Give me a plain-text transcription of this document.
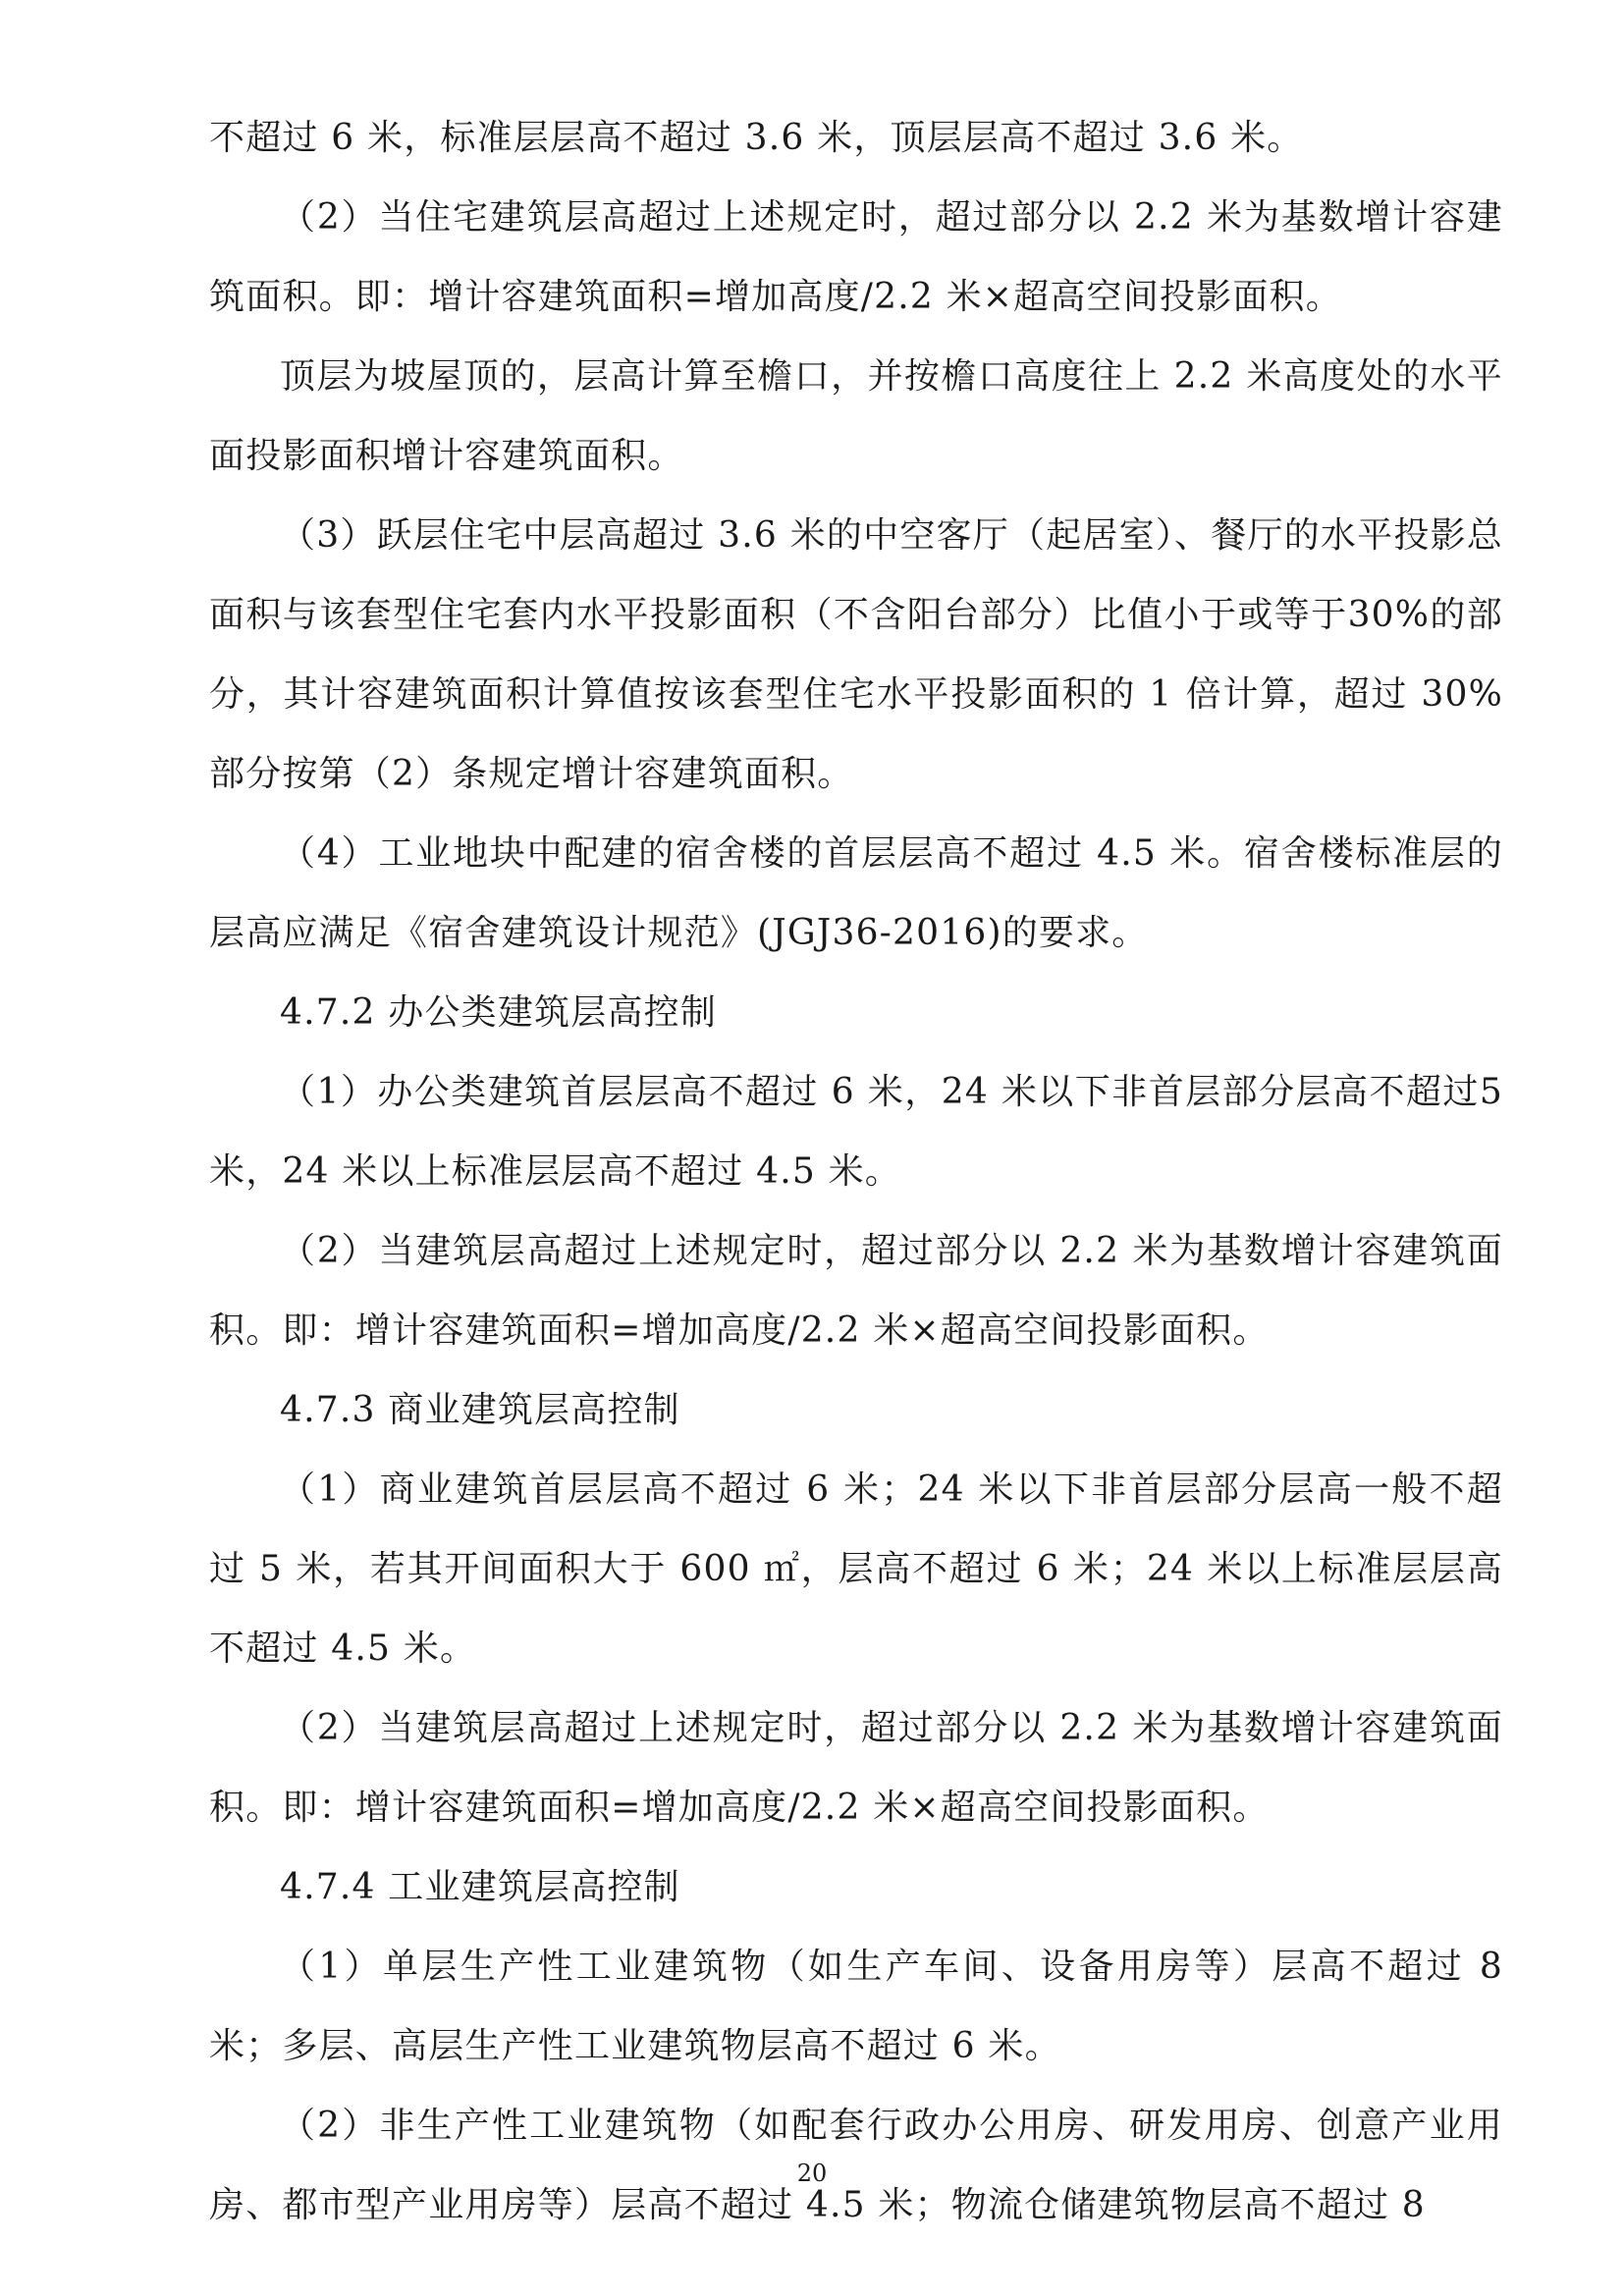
不超过 6 米，标准层层高不超过 3.6 米，顶层层高不超过 3.6 米。

（2）当住宅建筑层高超过上述规定时，超过部分以 2.2 米为基数增计容建筑面积。即：增计容建筑面积=增加高度/2.2 米×超高空间投影面积。

顶层为坡屋顶的，层高计算至檐口，并按檐口高度往上 2.2 米高度处的水平面投影面积增计容建筑面积。

（3）跃层住宅中层高超过 3.6 米的中空客厅（起居室）、餐厅的水平投影总面积与该套型住宅套内水平投影面积（不含阳台部分）比值小于或等于30%的部分，其计容建筑面积计算值按该套型住宅水平投影面积的 1 倍计算，超过 30%部分按第（2）条规定增计容建筑面积。

（4）工业地块中配建的宿舍楼的首层层高不超过 4.5 米。宿舍楼标准层的层高应满足《宿舍建筑设计规范》(JGJ36-2016)的要求。

4.7.2 办公类建筑层高控制

（1）办公类建筑首层层高不超过 6 米，24 米以下非首层部分层高不超过5 米，24 米以上标准层层高不超过 4.5 米。

（2）当建筑层高超过上述规定时，超过部分以 2.2 米为基数增计容建筑面积。即：增计容建筑面积=增加高度/2.2 米×超高空间投影面积。

4.7.3 商业建筑层高控制

（1）商业建筑首层层高不超过 6 米；24 米以下非首层部分层高一般不超过 5 米，若其开间面积大于 600 ㎡，层高不超过 6 米；24 米以上标准层层高不超过 4.5 米。

（2）当建筑层高超过上述规定时，超过部分以 2.2 米为基数增计容建筑面积。即：增计容建筑面积=增加高度/2.2 米×超高空间投影面积。

4.7.4 工业建筑层高控制

（1）单层生产性工业建筑物（如生产车间、设备用房等）层高不超过 8米；多层、高层生产性工业建筑物层高不超过 6 米。

（2）非生产性工业建筑物（如配套行政办公用房、研发用房、创意产业用房、都市型产业用房等）层高不超过 4.5 米；物流仓储建筑物层高不超过 8

20
